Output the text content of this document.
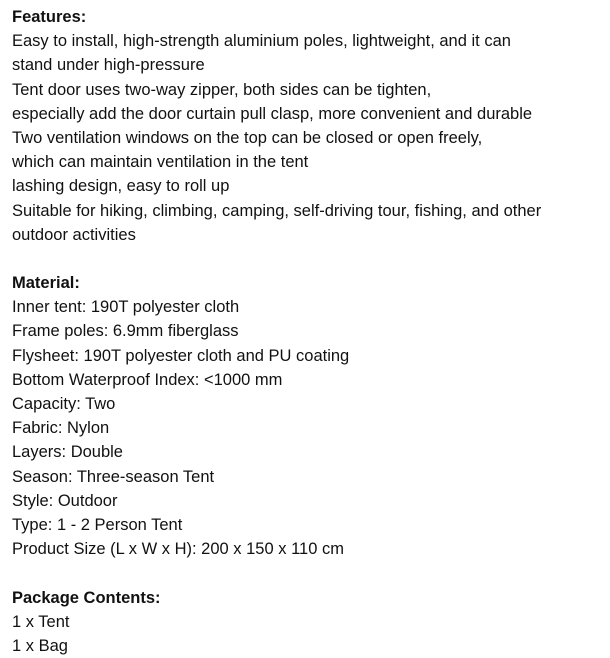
Features:
Easy to install, high-strength aluminium poles, lightweight, and it can
stand under high-pressure
Tent door uses two-way zipper, both sides can be tighten,
especially add the door curtain pull clasp, more convenient and durable
Two ventilation windows on the top can be closed or open freely,
which can maintain ventilation in the tent
lashing design, easy to roll up
Suitable for hiking, climbing, camping, self-driving tour, fishing, and other
outdoor activities
Material:
Inner tent: 190T polyester cloth
Frame poles: 6.9mm fiberglass
Flysheet: 190T polyester cloth and PU coating
Bottom Waterproof Index: <1000 mm
Capacity: Two
Fabric: Nylon
Layers: Double
Season: Three-season Tent
Style: Outdoor
Type: 1 - 2 Person Tent
Product Size (L x W x H): 200 x 150 x 110 cm
Package Contents:
1 x Tent
1 x Bag
